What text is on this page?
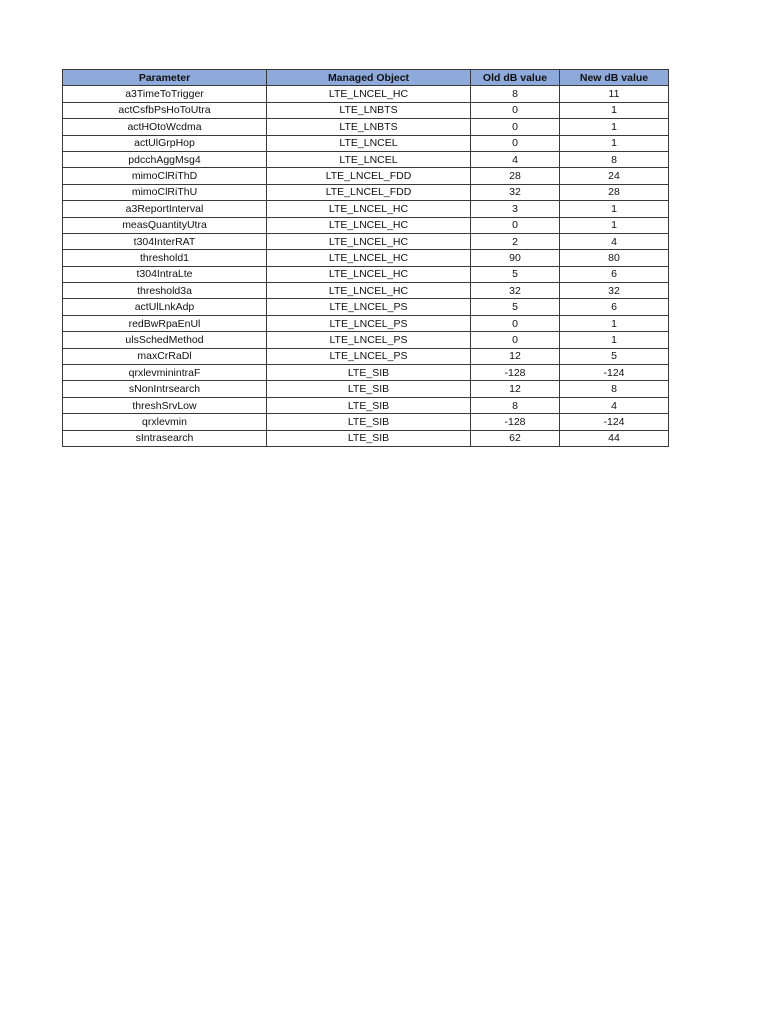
Parameter	Managed Object	Old dB value	New dB value
a3TimeToTrigger	LTE_LNCEL_HC	8	11
actCsfbPsHoToUtra	LTE_LNBTS	0	1
actHOtoWcdma	LTE_LNBTS	0	1
actUlGrpHop	LTE_LNCEL	0	1
pdcchAggMsg4	LTE_LNCEL	4	8
mimoClRiThD	LTE_LNCEL_FDD	28	24
mimoClRiThU	LTE_LNCEL_FDD	32	28
a3ReportInterval	LTE_LNCEL_HC	3	1
measQuantityUtra	LTE_LNCEL_HC	0	1
t304InterRAT	LTE_LNCEL_HC	2	4
threshold1	LTE_LNCEL_HC	90	80
t304IntraLte	LTE_LNCEL_HC	5	6
threshold3a	LTE_LNCEL_HC	32	32
actUlLnkAdp	LTE_LNCEL_PS	5	6
redBwRpaEnUl	LTE_LNCEL_PS	0	1
ulsSchedMethod	LTE_LNCEL_PS	0	1
maxCrRaDl	LTE_LNCEL_PS	12	5
qrxlevminintraF	LTE_SIB	-128	-124
sNonIntrsearch	LTE_SIB	12	8
threshSrvLow	LTE_SIB	8	4
qrxlevmin	LTE_SIB	-128	-124
sIntrasearch	LTE_SIB	62	44
